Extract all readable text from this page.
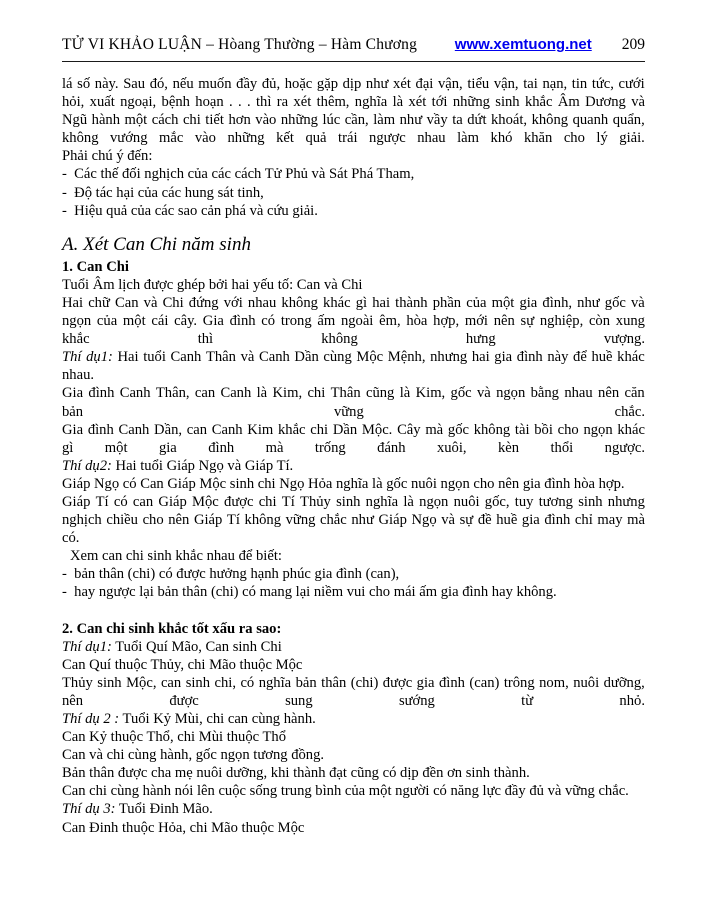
TỬ VI KHẢO LUẬN – Hòang Thường – Hàm Chương	www.xemtuong.net 209
lá số này. Sau đó, nếu muốn đầy đủ, hoặc gặp dịp như xét đại vận, tiểu vận, tai nạn, tin tức, cưới
hỏi, xuất ngoại, bệnh hoạn . . . thì ra xét thêm, nghĩa là xét tới những sinh khắc Âm Dương và
Ngũ hành một cách chi tiết hơn vào những lúc cần, làm như vầy ta dứt khoát, không quanh quẩn,
không vướng mắc vào những kết quả trái ngược nhau làm khó khăn cho lý giải.
Phải chú ý đến:
-  Các thế đối nghịch của các cách Tử Phủ và Sát Phá Tham,
-  Độ tác hại của các hung sát tinh,
-  Hiệu quả của các sao cản phá và cứu giải.
A. Xét Can Chi năm sinh
1. Can Chi
Tuổi Âm lịch được ghép bởi hai yếu tố: Can và Chi
Hai chữ Can và Chi đứng với nhau không khác gì hai thành phần của một gia đình, như gốc và
ngọn của một cái cây. Gia đình có trong ấm ngoài êm, hòa hợp, mới nên sự nghiệp, còn xung
khắc	thì	không	hưng	vượng.
Thí dụ1: Hai tuổi Canh Thân và Canh Dần cùng Mộc Mệnh, nhưng hai gia đình này để huề khác
nhau.
Gia đình Canh Thân, can Canh là Kim, chi Thân cũng là Kim, gốc và ngọn bằng nhau nên căn
bản	vững	chắc.
Gia đình Canh Dần, can Canh Kim khắc chi Dần Mộc. Cây mà gốc không tài bồi cho ngọn khác
gì một gia đình mà trống đánh xuôi, kèn thổi ngược.
Thí dụ2: Hai tuổi Giáp Ngọ và Giáp Tí.
Giáp Ngọ có Can Giáp Mộc sinh chi Ngọ Hỏa nghĩa là gốc nuôi ngọn cho nên gia đình hòa hợp.
Giáp Tí có can Giáp Mộc được chi Tí Thủy sinh nghĩa là ngọn nuôi gốc, tuy tương sinh nhưng
nghịch chiều cho nên Giáp Tí không vững chắc như Giáp Ngọ và sự đề huề gia đình chỉ may mà
có.
Xem can chi sinh khắc nhau để biết:
-  bản thân (chi) có được hưởng hạnh phúc gia đình (can),
-  hay ngược lại bản thân (chi) có mang lại niềm vui cho mái ấm gia đình hay không.
2. Can chi sinh khắc tốt xấu ra sao:
Thí dụ1: Tuổi Quí Mão, Can sinh Chi
Can Quí thuộc Thủy, chi Mão thuộc Mộc
Thủy sinh Mộc, can sinh chi, có nghĩa bản thân (chi) được gia đình (can) trông nom, nuôi dưỡng,
nên	được	sung	sướng	từ	nhỏ.
Thí dụ 2 : Tuổi Kỷ Mùi, chi can cùng hành.
Can Kỷ thuộc Thổ, chi Mùi thuộc Thổ
Can và chi cùng hành, gốc ngọn tương đồng.
Bản thân được cha mẹ nuôi dưỡng, khi thành đạt cũng có dịp đền ơn sinh thành.
Can chi cùng hành nói lên cuộc sống trung bình của một người có năng lực đầy đủ và vững chắc.
Thí dụ 3: Tuổi Đinh Mão.
Can Đinh thuộc Hỏa, chi Mão thuộc Mộc
